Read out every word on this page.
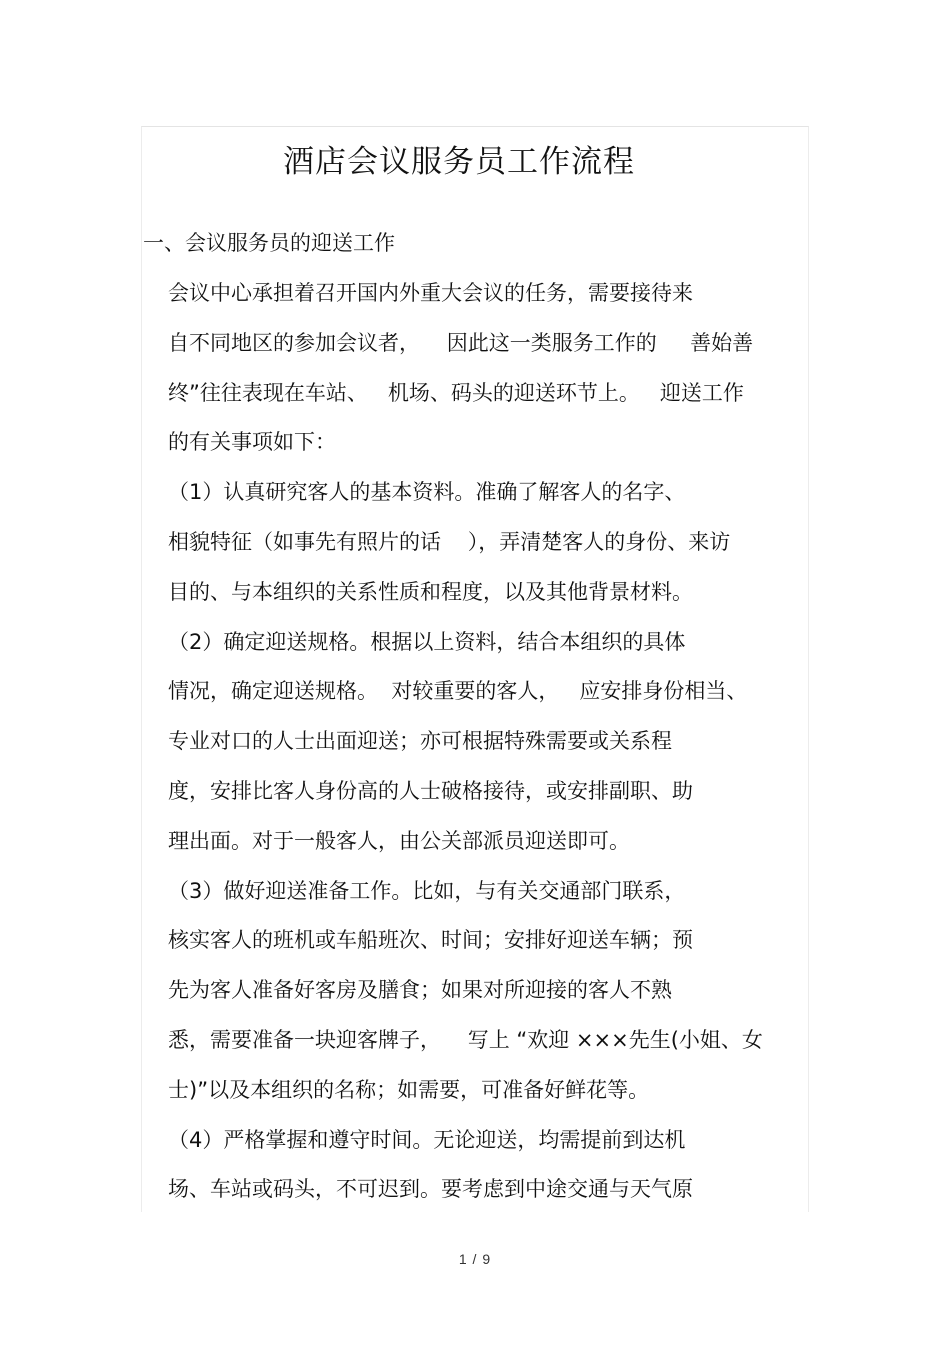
酒店会议服务员工作流程
一、会议服务员的迎送工作
会议中心承担着召开国内外重大会议的任务，需要接待来
自不同地区的参加会议者，    因此这一类服务工作的     善始善
终”往往表现在车站、   机场、码头的迎送环节上。   迎送工作
的有关事项如下：
（1）认真研究客人的基本资料。准确了解客人的名字、
相貌特征（如事先有照片的话    ），弄清楚客人的身份、来访
目的、与本组织的关系性质和程度，以及其他背景材料。
（2）确定迎送规格。根据以上资料，结合本组织的具体
情况，确定迎送规格。  对较重要的客人，   应安排身份相当、
专业对口的人士出面迎送；亦可根据特殊需要或关系程
度，安排比客人身份高的人士破格接待，或安排副职、助
理出面。对于一般客人，由公关部派员迎送即可。
（3）做好迎送准备工作。比如，与有关交通部门联系，
核实客人的班机或车船班次、时间；安排好迎送车辆；预
先为客人准备好客房及膳食；如果对所迎接的客人不熟
悉，需要准备一块迎客牌子，    写上 “欢迎 ×××先生(小姐、女
士)”以及本组织的名称；如需要，可准备好鲜花等。
（4）严格掌握和遵守时间。无论迎送，均需提前到达机
场、车站或码头，不可迟到。要考虑到中途交通与天气原
1 / 9
